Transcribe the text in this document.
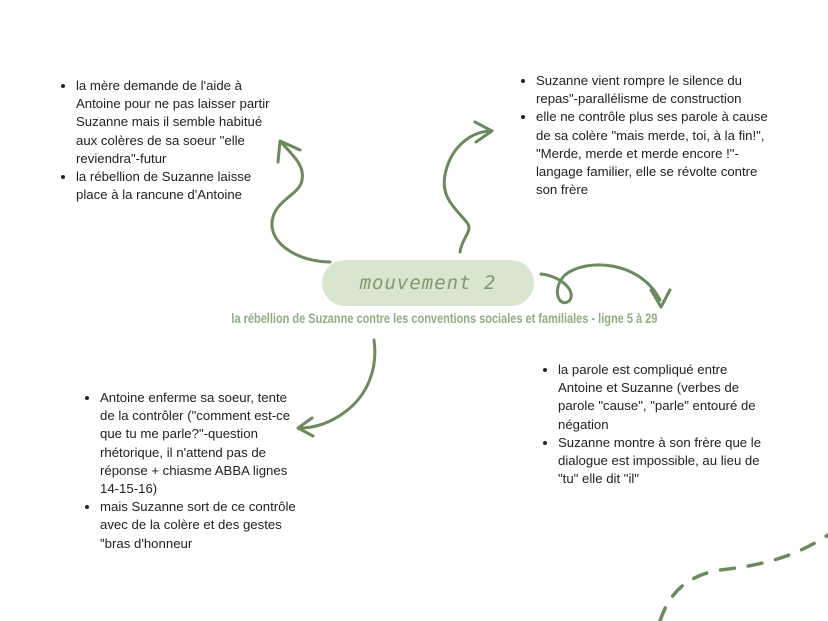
mouvement 2
la rébellion de Suzanne contre les conventions sociales et familiales - ligne 5 à 29
• la mère demande de l'aide à Antoine pour ne pas laisser partir Suzanne mais il semble habitué aux colères de sa soeur "elle reviendra"-futur
• la rébellion de Suzanne laisse place à la rancune d'Antoine
• Suzanne vient rompre le silence du repas"-parallélisme de construction
• elle ne contrôle plus ses parole à cause de sa colère "mais merde, toi, à la fin!", "Merde, merde et merde encore !"-langage familier, elle se révolte contre son frère
• Antoine enferme sa soeur, tente de la contrôler ("comment est-ce que tu me parle?"-question rhétorique, il n'attend pas de réponse + chiasme ABBA lignes 14-15-16)
• mais Suzanne sort de ce contrôle avec de la colère et des gestes "bras d'honneur
• la parole est compliqué entre Antoine et Suzanne (verbes de parole "cause", "parle" entouré de négation
• Suzanne montre à son frère que le dialogue est impossible, au lieu de "tu" elle dit "il"
